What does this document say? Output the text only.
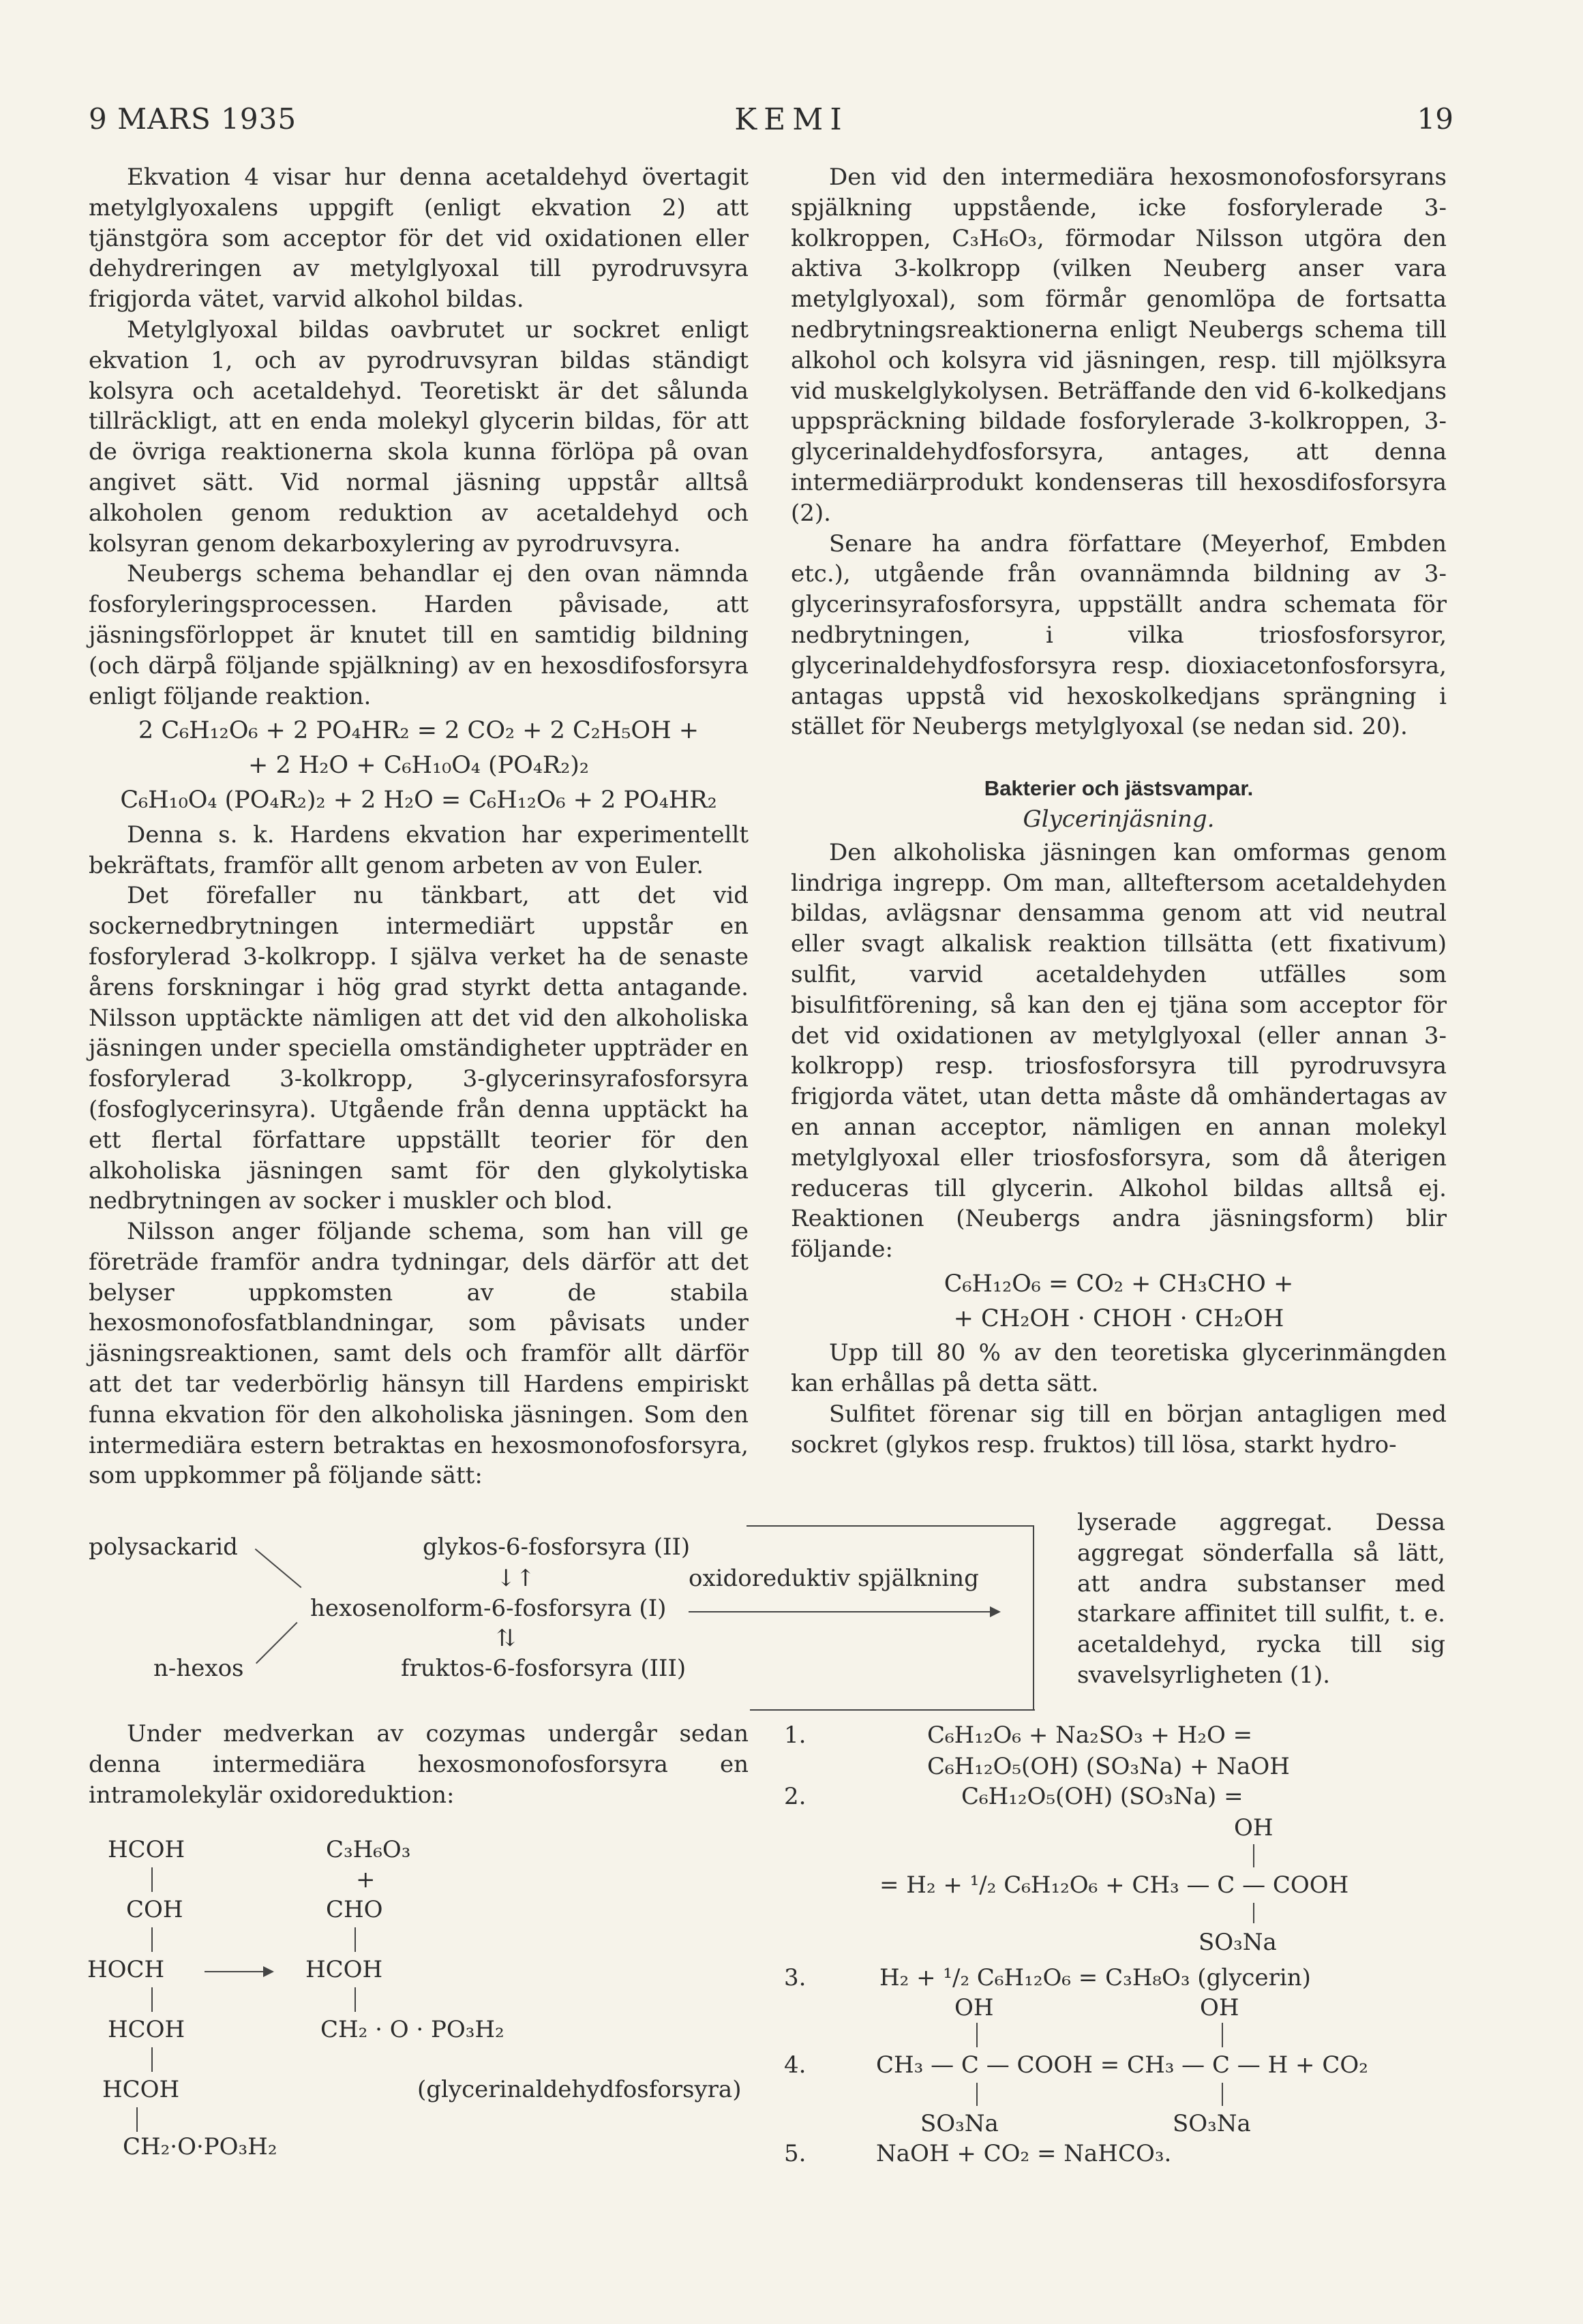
9 MARS 1935	KEMI	19

Ekvation 4 visar hur denna acetaldehyd övertagit metylglyoxalens uppgift (enligt ekvation 2) att tjänstgöra som acceptor för det vid oxidationen eller dehydreringen av metylglyoxal till pyrodruvsyra frigjorda vätet, varvid alkohol bildas.

Metylglyoxal bildas oavbrutet ur sockret enligt ekvation 1, och av pyrodruvsyran bildas ständigt kolsyra och acetaldehyd. Teoretiskt är det sålunda tillräckligt, att en enda molekyl glycerin bildas, för att de övriga reaktionerna skola kunna förlöpa på ovan angivet sätt. Vid normal jäsning uppstår alltså alkoholen genom reduktion av acetaldehyd och kolsyran genom dekarboxylering av pyrodruvsyra.

Neubergs schema behandlar ej den ovan nämnda fosforyleringsprocessen. Harden påvisade, att jäsningsförloppet är knutet till en samtidig bildning (och därpå följande spjälkning) av en hexosdifosforsyra enligt följande reaktion.

2 C₆H₁₂O₆ + 2 PO₄HR₂ = 2 CO₂ + 2 C₂H₅OH +
+ 2 H₂O + C₆H₁₀O₄ (PO₄R₂)₂
C₆H₁₀O₄ (PO₄R₂)₂ + 2 H₂O = C₆H₁₂O₆ + 2 PO₄HR₂

Denna s. k. Hardens ekvation har experimentellt bekräftats, framför allt genom arbeten av von Euler.

Det förefaller nu tänkbart, att det vid sockernedbrytningen intermediärt uppstår en fosforylerad 3-kolkropp. I själva verket ha de senaste årens forskningar i hög grad styrkt detta antagande. Nilsson upptäckte nämligen att det vid den alkoholiska jäsningen under speciella omständigheter uppträder en fosforylerad 3-kolkropp, 3-glycerinsyrafosforsyra (fosfoglycerinsyra). Utgående från denna upptäckt ha ett flertal författare uppställt teorier för den alkoholiska jäsningen samt för den glykolytiska nedbrytningen av socker i muskler och blod.

Nilsson anger följande schema, som han vill ge företräde framför andra tydningar, dels därför att det belyser uppkomsten av de stabila hexosmonofosfatblandningar, som påvisats under jäsningsreaktionen, samt dels och framför allt därför att det tar vederbörlig hänsyn till Hardens empiriskt funna ekvation för den alkoholiska jäsningen. Som den intermediära estern betraktas en hexosmonofosforsyra, som uppkommer på följande sätt:

polysackarid	glykos-6-fosforsyra (II)
↓↑	oxidoreduktiv spjälkning
hexosenolform-6-fosforsyra (I)
⇅
n-hexos	fruktos-6-fosforsyra (III)

Under medverkan av cozymas undergår sedan denna intermediära hexosmonofosforsyra en intramolekylär oxidoreduktion:

HCOH
COH
HOCH
HCOH
HCOH
CH₂·O·PO₃H₂
C₃H₆O₃
+
CHO
HCOH
CH₂ · O · PO₃H₂
(glycerinaldehydfosforsyra)

Den vid den intermediära hexosmonofosforsyrans spjälkning uppstående, icke fosforylerade 3-kolkroppen, C₃H₆O₃, förmodar Nilsson utgöra den aktiva 3-kolkropp (vilken Neuberg anser vara metylglyoxal), som förmår genomlöpa de fortsatta nedbrytningsreaktionerna enligt Neubergs schema till alkohol och kolsyra vid jäsningen, resp. till mjölksyra vid muskelglykolysen. Beträffande den vid 6-kolkedjans uppspräckning bildade fosforylerade 3-kolkroppen, 3-glycerinaldehydfosforsyra, antages, att denna intermediärprodukt kondenseras till hexosdifosforsyra (2).

Senare ha andra författare (Meyerhof, Embden etc.), utgående från ovannämnda bildning av 3-glycerinsyrafosforsyra, uppställt andra schemata för nedbrytningen, i vilka triosfosforsyror, glycerinaldehydfosforsyra resp. dioxiacetonfosforsyra, antagas uppstå vid hexoskolkedjans sprängning i stället för Neubergs metylglyoxal (se nedan sid. 20).

Bakterier och jästsvampar.
Glycerinjäsning.

Den alkoholiska jäsningen kan omformas genom lindriga ingrepp. Om man, allteftersom acetaldehyden bildas, avlägsnar densamma genom att vid neutral eller svagt alkalisk reaktion tillsätta (ett fixativum) sulfit, varvid acetaldehyden utfälles som bisulfitförening, så kan den ej tjäna som acceptor för det vid oxidationen av metylglyoxal (eller annan 3-kolkropp) resp. triosfosforsyra till pyrodruvsyra frigjorda vätet, utan detta måste då omhändertagas av en annan acceptor, nämligen en annan molekyl metylglyoxal eller triosfosforsyra, som då återigen reduceras till glycerin. Alkohol bildas alltså ej. Reaktionen (Neubergs andra jäsningsform) blir följande:

C₆H₁₂O₆ = CO₂ + CH₃CHO +
+ CH₂OH · CHOH · CH₂OH

Upp till 80 % av den teoretiska glycerinmängden kan erhållas på detta sätt.

Sulfitet förenar sig till en början antagligen med sockret (glykos resp. fruktos) till lösa, starkt hydro-

lyserade aggregat. Dessa aggregat sönderfalla så lätt, att andra substanser med starkare affinitet till sulfit, t. e. acetaldehyd, rycka till sig svavelsyrligheten (1).

1.	C₆H₁₂O₆ + Na₂SO₃ + H₂O =
C₆H₁₂O₅(OH) (SO₃Na) + NaOH
2.	C₆H₁₂O₅(OH) (SO₃Na) =
OH
= H₂ + ¹/₂ C₆H₁₂O₆ + CH₃ — C — COOH
SO₃Na
3.	H₂ + ¹/₂ C₆H₁₂O₆ = C₃H₈O₃ (glycerin)
OH	OH
4.	CH₃ — C — COOH = CH₃ — C — H + CO₂
SO₃Na	SO₃Na
5.	NaOH + CO₂ = NaHCO₃.
